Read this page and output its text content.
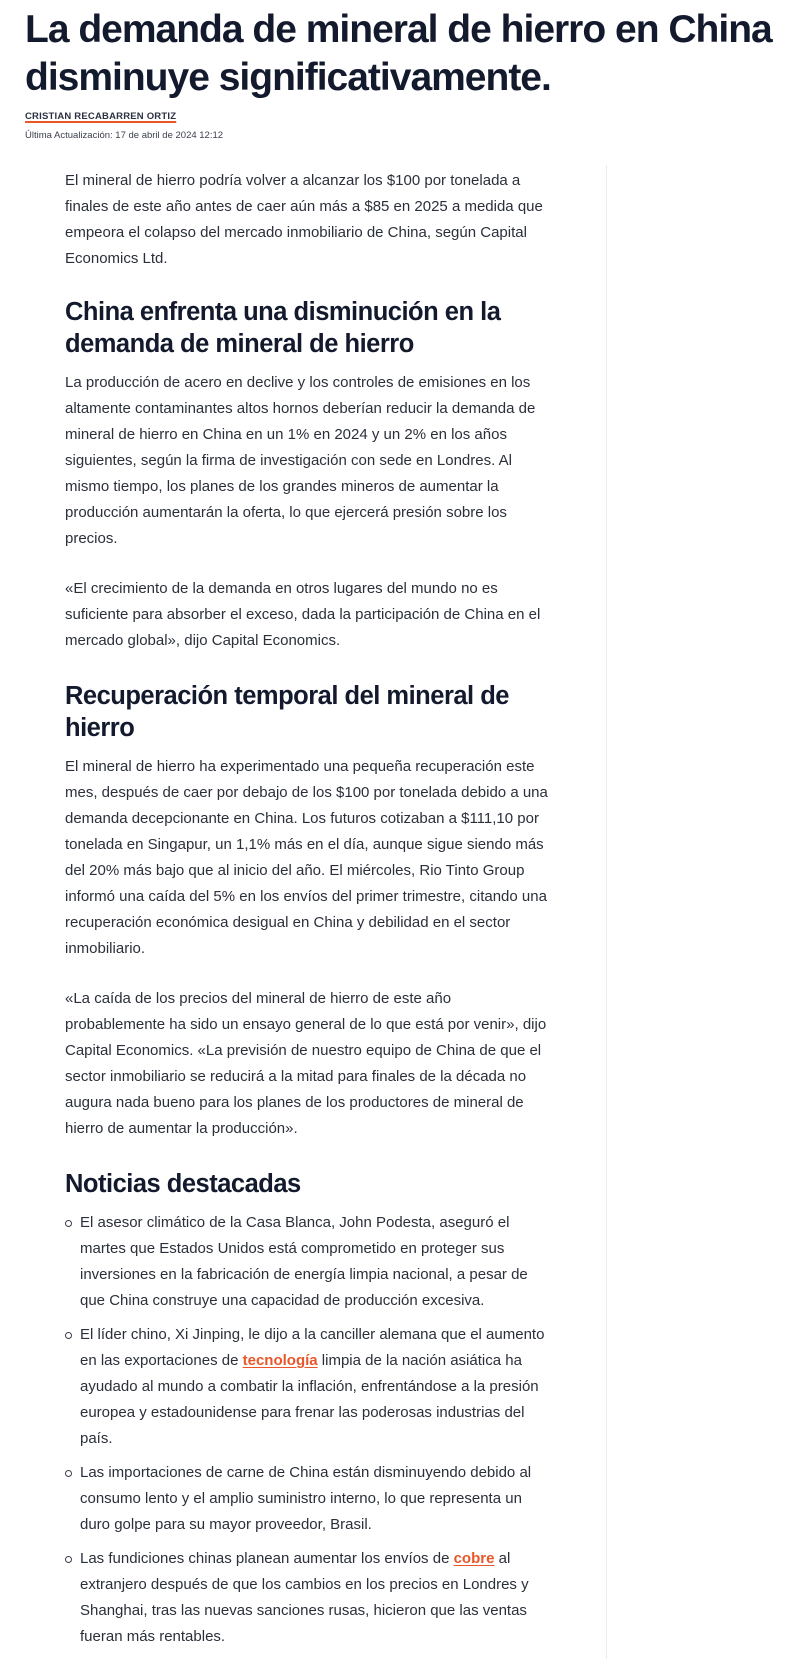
La demanda de mineral de hierro en China disminuye significativamente.

CRISTIAN RECABARREN ORTIZ

Última Actualización: 17 de abril de 2024 12:12

El mineral de hierro podría volver a alcanzar los $100 por tonelada a finales de este año antes de caer aún más a $85 en 2025 a medida que empeora el colapso del mercado inmobiliario de China, según Capital Economics Ltd.

China enfrenta una disminución en la demanda de mineral de hierro

La producción de acero en declive y los controles de emisiones en los altamente contaminantes altos hornos deberían reducir la demanda de mineral de hierro en China en un 1% en 2024 y un 2% en los años siguientes, según la firma de investigación con sede en Londres. Al mismo tiempo, los planes de los grandes mineros de aumentar la producción aumentarán la oferta, lo que ejercerá presión sobre los precios.

«El crecimiento de la demanda en otros lugares del mundo no es suficiente para absorber el exceso, dada la participación de China en el mercado global», dijo Capital Economics.

Recuperación temporal del mineral de hierro

El mineral de hierro ha experimentado una pequeña recuperación este mes, después de caer por debajo de los $100 por tonelada debido a una demanda decepcionante en China. Los futuros cotizaban a $111,10 por tonelada en Singapur, un 1,1% más en el día, aunque sigue siendo más del 20% más bajo que al inicio del año. El miércoles, Rio Tinto Group informó una caída del 5% en los envíos del primer trimestre, citando una recuperación económica desigual en China y debilidad en el sector inmobiliario.

«La caída de los precios del mineral de hierro de este año probablemente ha sido un ensayo general de lo que está por venir», dijo Capital Economics. «La previsión de nuestro equipo de China de que el sector inmobiliario se reducirá a la mitad para finales de la década no augura nada bueno para los planes de los productores de mineral de hierro de aumentar la producción».

Noticias destacadas
El asesor climático de la Casa Blanca, John Podesta, aseguró el martes que Estados Unidos está comprometido en proteger sus inversiones en la fabricación de energía limpia nacional, a pesar de que China construye una capacidad de producción excesiva.
El líder chino, Xi Jinping, le dijo a la canciller alemana que el aumento en las exportaciones de tecnología limpia de la nación asiática ha ayudado al mundo a combatir la inflación, enfrentándose a la presión europea y estadounidense para frenar las poderosas industrias del país.
Las importaciones de carne de China están disminuyendo debido al consumo lento y el amplio suministro interno, lo que representa un duro golpe para su mayor proveedor, Brasil.
Las fundiciones chinas planean aumentar los envíos de cobre al extranjero después de que los cambios en los precios en Londres y Shanghai, tras las nuevas sanciones rusas, hicieron que las ventas fueran más rentables.
